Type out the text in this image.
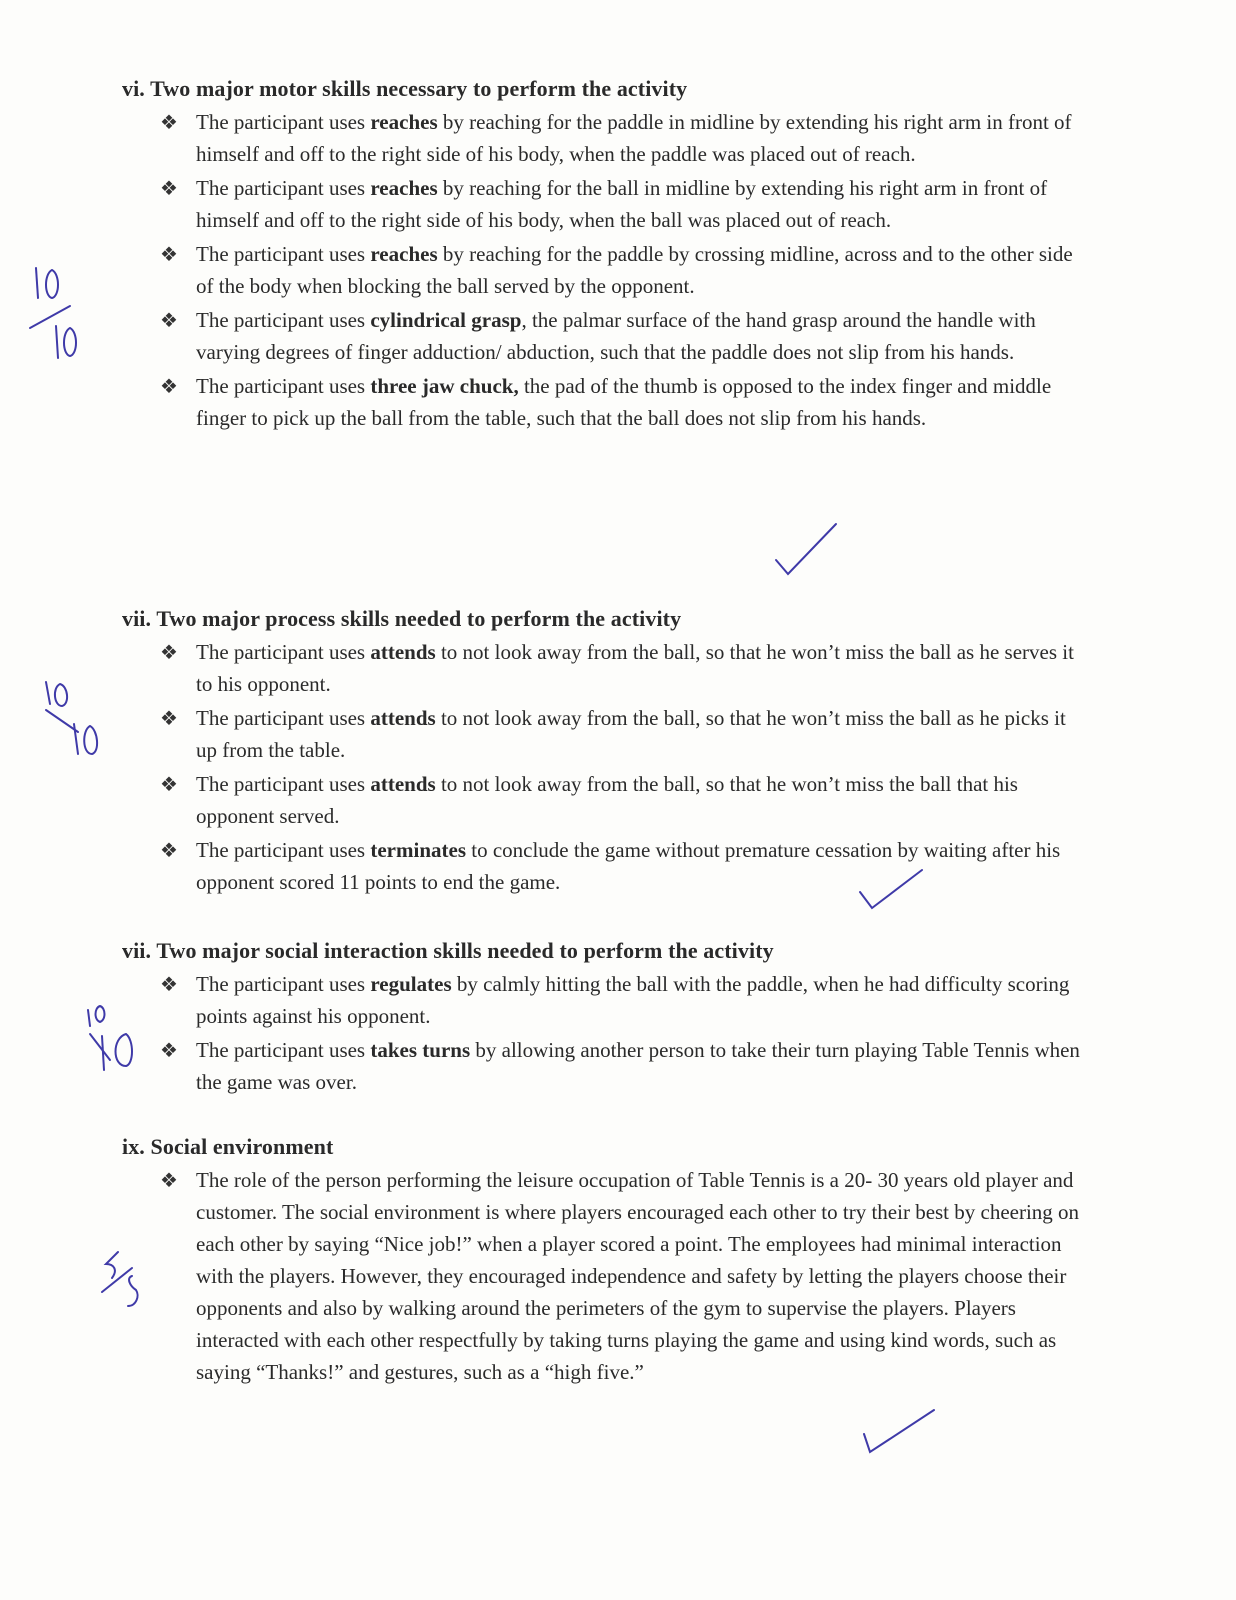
vi. Two major motor skills necessary to perform the activity
❖ The participant uses reaches by reaching for the paddle in midline by extending his right arm in front of himself and off to the right side of his body, when the paddle was placed out of reach.
❖ The participant uses reaches by reaching for the ball in midline by extending his right arm in front of himself and off to the right side of his body, when the ball was placed out of reach.
❖ The participant uses reaches by reaching for the paddle by crossing midline, across and to the other side of the body when blocking the ball served by the opponent.
❖ The participant uses cylindrical grasp, the palmar surface of the hand grasp around the handle with varying degrees of finger adduction/ abduction, such that the paddle does not slip from his hands.
❖ The participant uses three jaw chuck, the pad of the thumb is opposed to the index finger and middle finger to pick up the ball from the table, such that the ball does not slip from his hands.
vii. Two major process skills needed to perform the activity
❖ The participant uses attends to not look away from the ball, so that he won’t miss the ball as he serves it to his opponent.
❖ The participant uses attends to not look away from the ball, so that he won’t miss the ball as he picks it up from the table.
❖ The participant uses attends to not look away from the ball, so that he won’t miss the ball that his opponent served.
❖ The participant uses terminates to conclude the game without premature cessation by waiting after his opponent scored 11 points to end the game.
vii. Two major social interaction skills needed to perform the activity
❖ The participant uses regulates by calmly hitting the ball with the paddle, when he had difficulty scoring points against his opponent.
❖ The participant uses takes turns by allowing another person to take their turn playing Table Tennis when the game was over.
ix. Social environment
❖ The role of the person performing the leisure occupation of Table Tennis is a 20- 30 years old player and customer. The social environment is where players encouraged each other to try their best by cheering on each other by saying “Nice job!” when a player scored a point. The employees had minimal interaction with the players. However, they encouraged independence and safety by letting the players choose their opponents and also by walking around the perimeters of the gym to supervise the players. Players interacted with each other respectfully by taking turns playing the game and using kind words, such as saying “Thanks!” and gestures, such as a “high five.”
